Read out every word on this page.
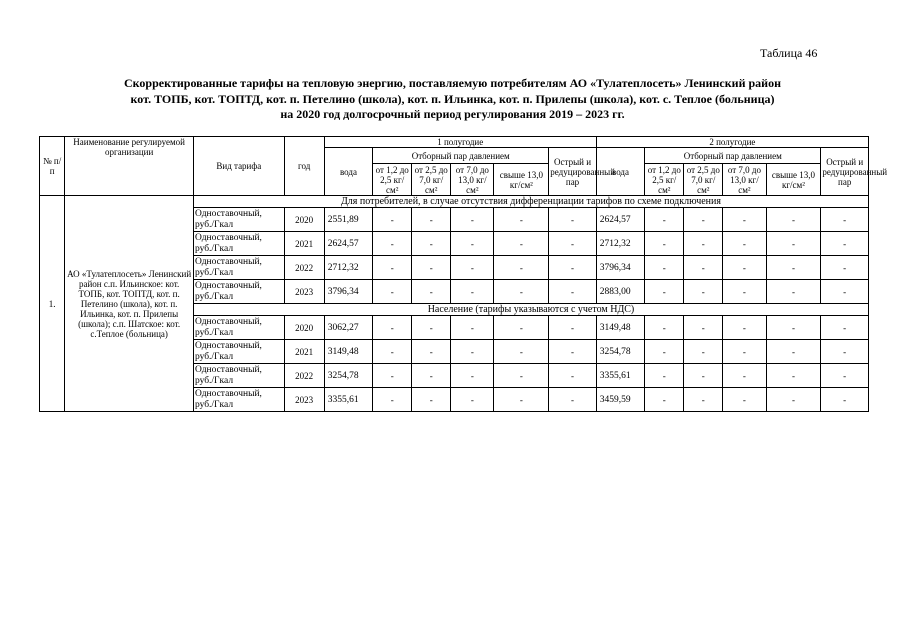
Таблица 46
Скорректированные тарифы на тепловую энергию, поставляемую потребителям АО «Тулатеплосеть» Ленинский район
кот. ТОПБ, кот. ТОПТД, кот. п. Петелино (школа), кот. п. Ильинка, кот. п. Прилепы (школа), кот. с. Теплое (больница)
на 2020 год долгосрочный период регулирования 2019 – 2023 гг.
№ п/п	Наименование регулируемой организации	Вид тарифа	год	1 полугодие						2 полугодие					
				вода	Отборный пар давлением				Острый и редуцированный пар	вода	Отборный пар давлением				Острый и редуцированный пар
					от 1,2 до 2,5 кг/см²	от 2,5 до 7,0 кг/см²	от 7,0 до 13,0 кг/см²	свыше 13,0 кг/см²			от 1,2 до 2,5 кг/см²	от 2,5 до 7,0 кг/см²	от 7,0 до 13,0 кг/см²	свыше 13,0 кг/см²	
1.	АО «Тулатеплосеть» Ленинский район с.п. Ильинское: кот. ТОПБ, кот. ТОПТД, кот. п. Петелино (школа), кот. п. Ильинка, кот. п. Прилепы (школа); с.п. Шатское: кот. с.Теплое (больница)	Для потребителей, в случае отсутствия дифференциации тарифов по схеме подключения													
		Одноставочный, руб./Гкал	2020	2551,89	-	-	-	-	-	2624,57	-	-	-	-	-
		Одноставочный, руб./Гкал	2021	2624,57	-	-	-	-	-	2712,32	-	-	-	-	-
		Одноставочный, руб./Гкал	2022	2712,32	-	-	-	-	-	3796,34	-	-	-	-	-
		Одноставочный, руб./Гкал	2023	3796,34	-	-	-	-	-	2883,00	-	-	-	-	-
		Население (тарифы указываются с учетом НДС)													
		Одноставочный, руб./Гкал	2020	3062,27	-	-	-	-	-	3149,48	-	-	-	-	-
		Одноставочный, руб./Гкал	2021	3149,48	-	-	-	-	-	3254,78	-	-	-	-	-
		Одноставочный, руб./Гкал	2022	3254,78	-	-	-	-	-	3355,61	-	-	-	-	-
		Одноставочный, руб./Гкал	2023	3355,61	-	-	-	-	-	3459,59	-	-	-	-	-
